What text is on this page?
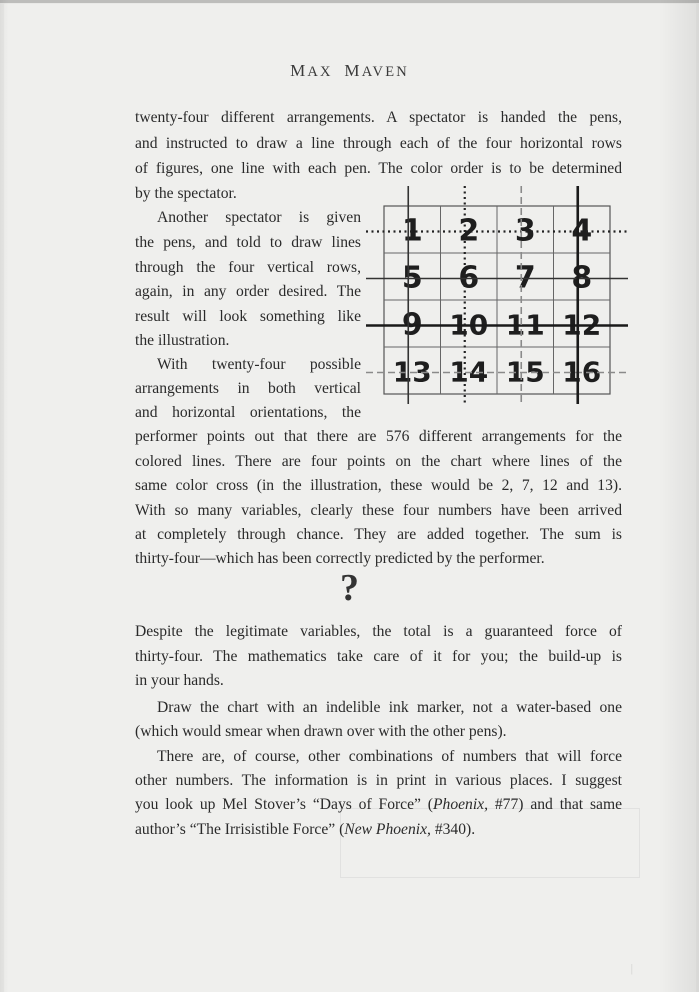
MAX MAVEN
twenty-four different arrangements. A spectator is handed the pens,
and instructed to draw a line through each of the four horizontal rows
of figures, one line with each pen. The color order is to be determined
by the spectator.
Another spectator is given
the pens, and told to draw lines
through the four vertical rows,
again, in any order desired. The
result will look something like
the illustration.
With twenty-four possible
arrangements in both vertical
and horizontal orientations, the
performer points out that there are 576 different arrangements for the
colored lines. There are four points on the chart where lines of the
same color cross (in the illustration, these would be 2, 7, 12 and 13).
With so many variables, clearly these four numbers have been arrived
at completely through chance. They are added together. The sum is
thirty-four—which has been correctly predicted by the performer.
?
Despite the legitimate variables, the total is a guaranteed force of
thirty-four. The mathematics take care of it for you; the build-up is
in your hands.
Draw the chart with an indelible ink marker, not a water-based one
(which would smear when drawn over with the other pens).
There are, of course, other combinations of numbers that will force
other numbers. The information is in print in various places. I suggest
you look up Mel Stover’s “Days of Force” (Phoenix, #77) and that same
author’s “The Irrisistible Force” (New Phoenix, #340).
1 2 3 4
5 6 7 8
9 10 11 12
13 14 15 16
|
